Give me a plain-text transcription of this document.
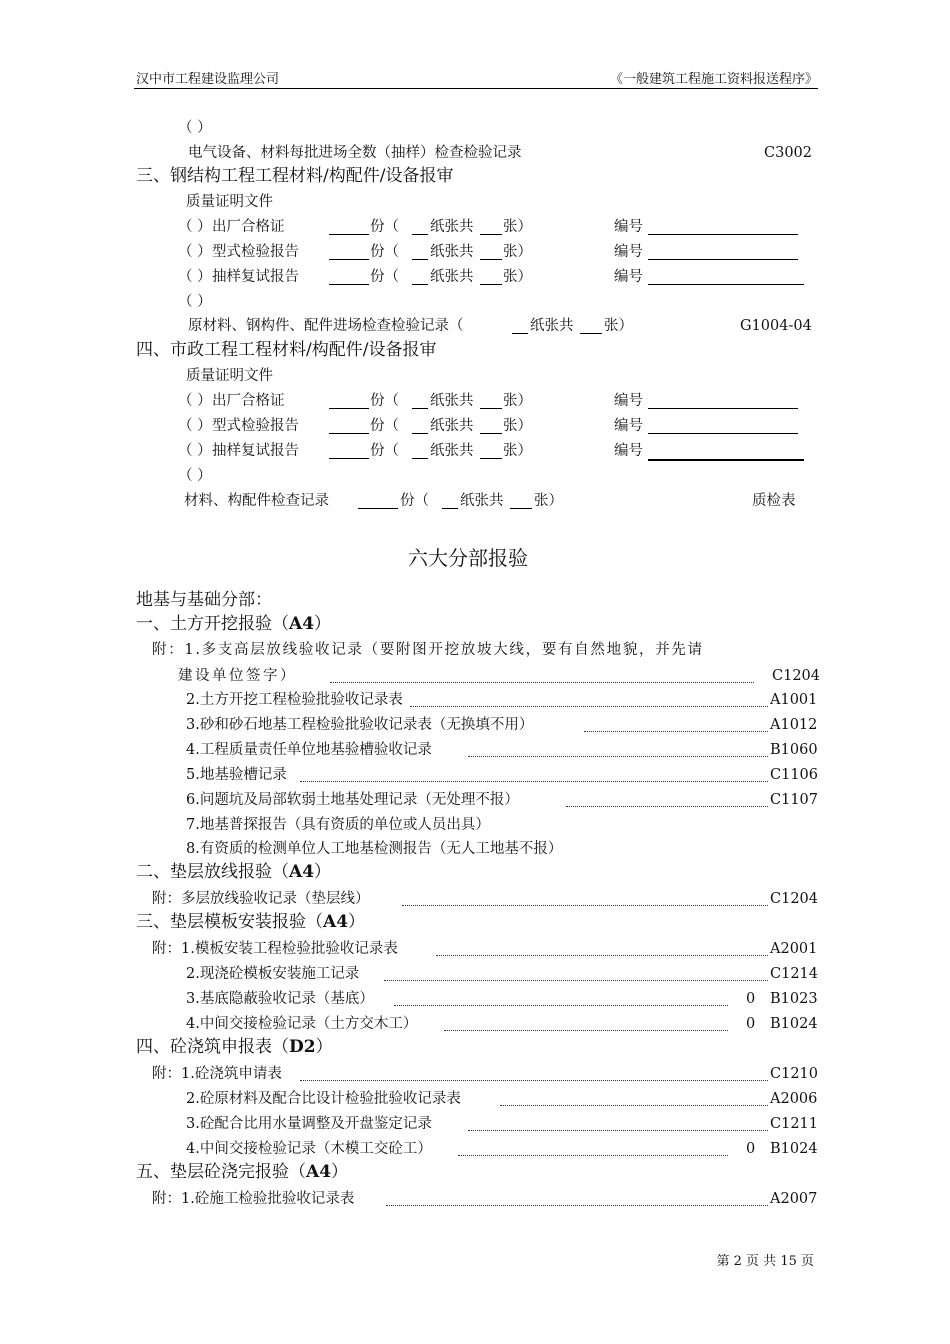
汉中市工程建设监理公司	《一般建筑工程施工资料报送程序》
（ ）
电气设备、材料每批进场全数（抽样）检查检验记录	C3002
三、钢结构工程工程材料/构配件/设备报审
质量证明文件
（ ） 出厂合格证	份（ 纸张共 张）	编号
（ ） 型式检验报告	份（ 纸张共 张）	编号
（ ） 抽样复试报告	份（ 纸张共 张）	编号
（ ）
原材料、钢构件、配件进场检查检验记录（	纸张共 张）	G1004-04
四、市政工程工程材料/构配件/设备报审
质量证明文件
（ ） 出厂合格证	份（ 纸张共 张）	编号
（ ） 型式检验报告	份（ 纸张共 张）	编号
（ ） 抽样复试报告	份（ 纸张共 张）	编号
（ ）
材料、构配件检查记录	份（ 纸张共 张）	质检表
六大分部报验
地基与基础分部：
一、土方开挖报验（A4）
附：1.多支高层放线验收记录（要附图开挖放坡大线，要有自然地貌，并先请
建设单位签字）	C1204
2.土方开挖工程检验批验收记录表	A1001
3.砂和砂石地基工程检验批验收记录表（无换填不用）	A1012
4.工程质量责任单位地基验槽验收记录	B1060
5.地基验槽记录	C1106
6.问题坑及局部软弱土地基处理记录（无处理不报）	C1107
7.地基普探报告（具有资质的单位或人员出具）
8.有资质的检测单位人工地基检测报告（无人工地基不报）
二、垫层放线报验（A4）
附：多层放线验收记录（垫层线）	C1204
三、垫层模板安装报验（A4）
附：1.模板安装工程检验批验收记录表	A2001
2.现浇砼模板安装施工记录	C1214
3.基底隐蔽验收记录（基底）	0 B1023
4.中间交接检验记录（土方交木工）	0 B1024
四、砼浇筑申报表（D2）
附：1.砼浇筑申请表	C1210
2.砼原材料及配合比设计检验批验收记录表	A2006
3.砼配合比用水量调整及开盘鉴定记录	C1211
4.中间交接检验记录（木模工交砼工）	0 B1024
五、垫层砼浇完报验（A4）
附：1.砼施工检验批验收记录表	A2007
第 2 页 共 15 页
